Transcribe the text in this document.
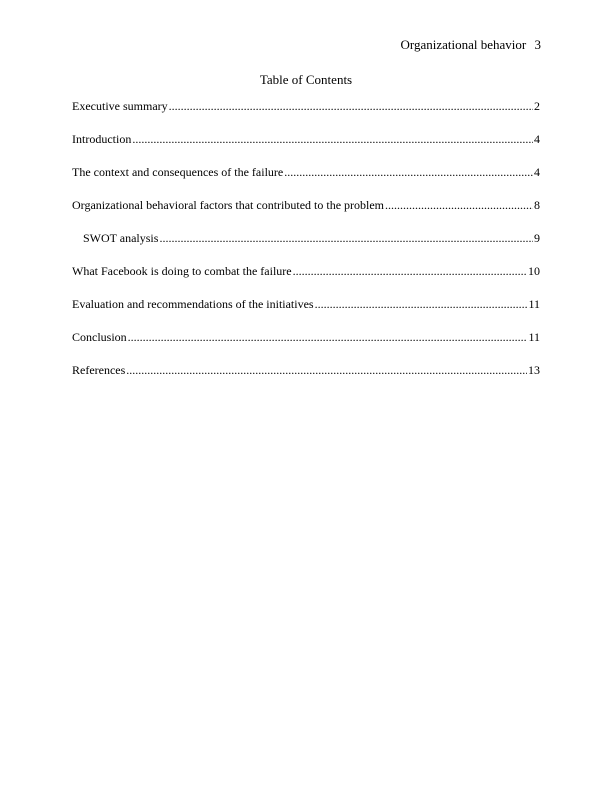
Organizational behavior 3
Table of Contents
Executive summary .....	2
Introduction .....	4
The context and consequences of the failure .....	4
Organizational behavioral factors that contributed to the problem .....	8
SWOT analysis .....	9
What Facebook is doing to combat the failure .....	10
Evaluation and recommendations of the initiatives .....	11
Conclusion .....	11
References .....	13
